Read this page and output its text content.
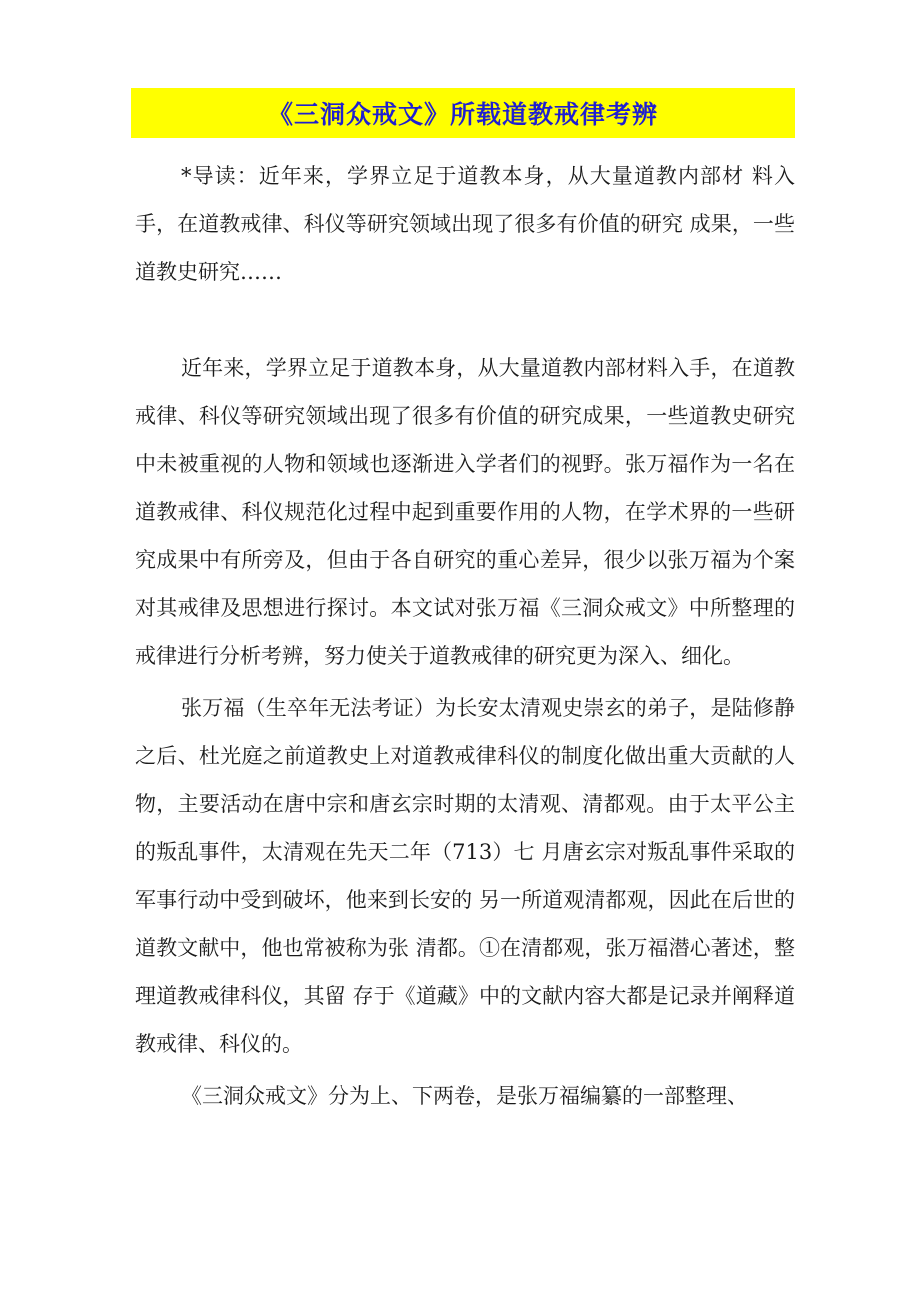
《三洞众戒文》所载道教戒律考辨

*导读：近年来，学界立足于道教本身，从大量道教内部材 料入手，在道教戒律、科仪等研究领域出现了很多有价值的研究 成果，一些道教史研究……

近年来，学界立足于道教本身，从大量道教内部材料入手，在道教戒律、科仪等研究领域出现了很多有价值的研究成果，一些道教史研究中未被重视的人物和领域也逐渐进入学者们的视野。张万福作为一名在道教戒律、科仪规范化过程中起到重要作用的人物，在学术界的一些研究成果中有所旁及，但由于各自研究的重心差异，很少以张万福为个案对其戒律及思想进行探讨。本文试对张万福《三洞众戒文》中所整理的戒律进行分析考辨，努力使关于道教戒律的研究更为深入、细化。

张万福（生卒年无法考证）为长安太清观史崇玄的弟子，是陆修静之后、杜光庭之前道教史上对道教戒律科仪的制度化做出重大贡献的人物，主要活动在唐中宗和唐玄宗时期的太清观、清都观。由于太平公主的叛乱事件，太清观在先天二年（713）七 月唐玄宗对叛乱事件采取的军事行动中受到破坏，他来到长安的 另一所道观清都观，因此在后世的道教文献中，他也常被称为张 清都。①在清都观，张万福潜心著述，整理道教戒律科仪，其留 存于《道藏》中的文献内容大都是记录并阐释道教戒律、科仪的。

《三洞众戒文》分为上、下两卷，是张万福编纂的一部整理、
